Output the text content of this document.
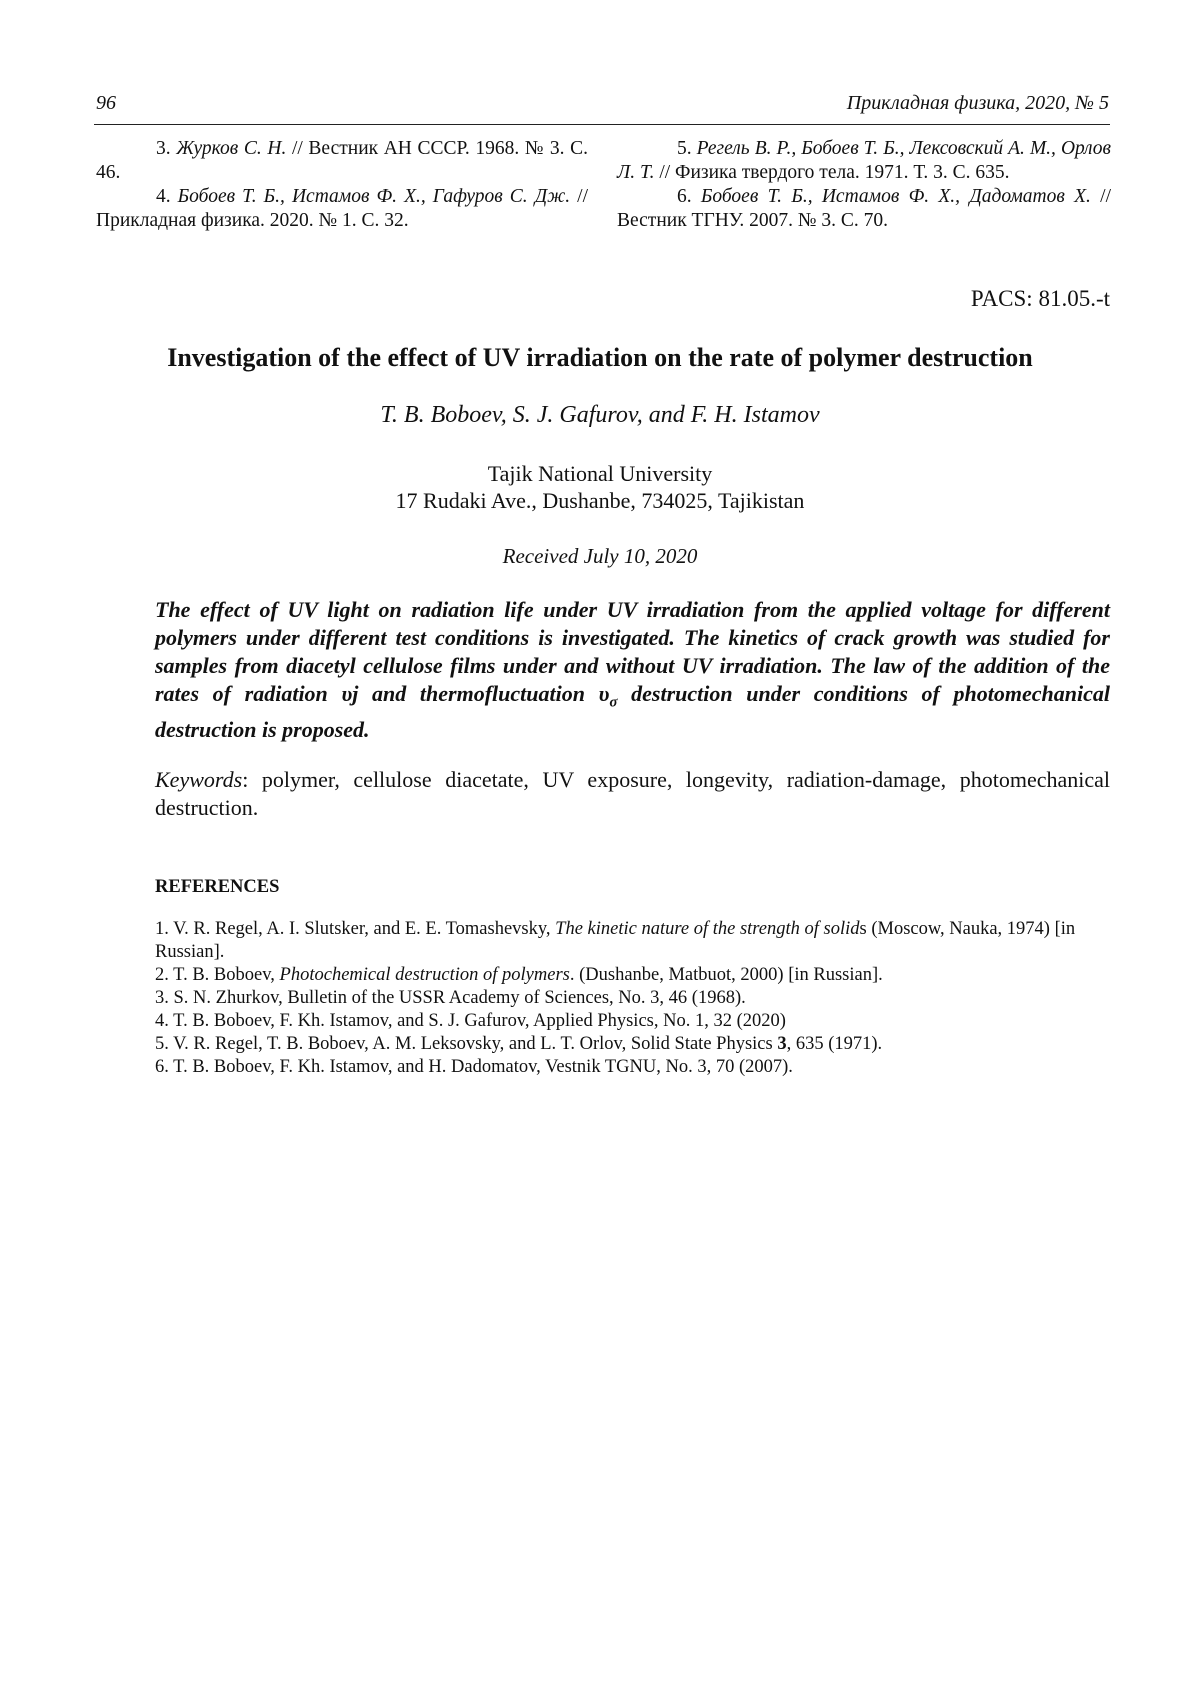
96	Прикладная физика, 2020, № 5

3. Журков С. Н. // Вестник АН СССР. 1968. № 3. С. 46.

4. Бобоев Т. Б., Истамов Ф. Х., Гафуров С. Дж. // Прикладная физика. 2020. № 1. С. 32.

5. Регель В. Р., Бобоев Т. Б., Лексовский А. М., Орлов Л. Т. // Физика твердого тела. 1971. Т. 3. С. 635.

6. Бобоев Т. Б., Истамов Ф. Х., Дадоматов Х. // Вестник ТГНУ. 2007. № 3. С. 70.

PACS: 81.05.-t
Investigation of the effect of UV irradiation on the rate of polymer destruction
T. B. Boboev, S. J. Gafurov, and F. H. Istamov
Tajik National University
17 Rudaki Ave., Dushanbe, 734025, Tajikistan
Received July 10, 2020

The effect of UV light on radiation life under UV irradiation from the applied voltage for different polymers under different test conditions is investigated. The kinetics of crack growth was studied for samples from diacetyl cellulose films under and without UV irradiation. The law of the addition of the rates of radiation υj and thermofluctuation υσ destruction under conditions of photomechanical destruction is proposed.

Keywords: polymer, cellulose diacetate, UV exposure, longevity, radiation-damage, photomechanical destruction.

REFERENCES
1. V. R. Regel, A. I. Slutsker, and E. E. Tomashevsky, The kinetic nature of the strength of solids (Moscow, Nauka, 1974) [in Russian].
2. T. B. Boboev, Photochemical destruction of polymers. (Dushanbe, Matbuot, 2000) [in Russian].
3. S. N. Zhurkov, Bulletin of the USSR Academy of Sciences, No. 3, 46 (1968).
4. T. B. Boboev, F. Kh. Istamov, and S. J. Gafurov, Applied Physics, No. 1, 32 (2020)
5. V. R. Regel, T. B. Boboev, A. M. Leksovsky, and L. T. Orlov, Solid State Physics 3, 635 (1971).
6. T. B. Boboev, F. Kh. Istamov, and H. Dadomatov, Vestnik TGNU, No. 3, 70 (2007).
